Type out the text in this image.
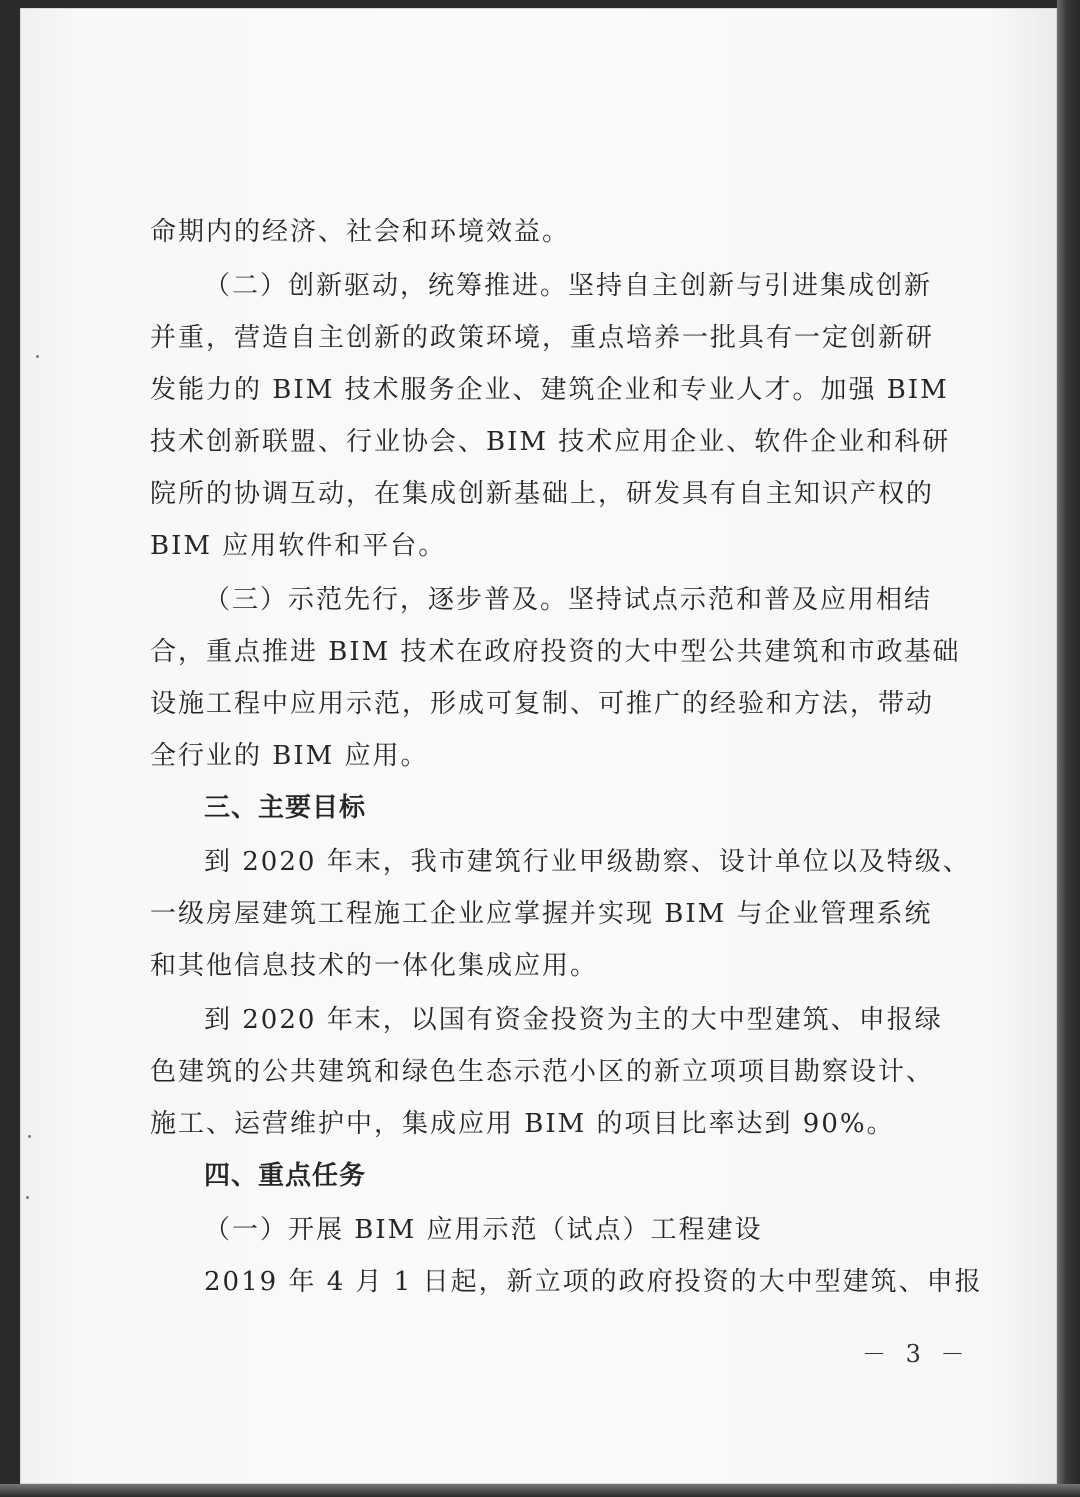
命期内的经济、社会和环境效益。
（二）创新驱动，统筹推进。坚持自主创新与引进集成创新
并重，营造自主创新的政策环境，重点培养一批具有一定创新研
发能力的 BIM 技术服务企业、建筑企业和专业人才。加强 BIM
技术创新联盟、行业协会、BIM 技术应用企业、软件企业和科研
院所的协调互动，在集成创新基础上，研发具有自主知识产权的
BIM 应用软件和平台。
（三）示范先行，逐步普及。坚持试点示范和普及应用相结
合，重点推进 BIM 技术在政府投资的大中型公共建筑和市政基础
设施工程中应用示范，形成可复制、可推广的经验和方法，带动
全行业的 BIM 应用。
三、主要目标
到 2020 年末，我市建筑行业甲级勘察、设计单位以及特级、
一级房屋建筑工程施工企业应掌握并实现 BIM 与企业管理系统
和其他信息技术的一体化集成应用。
到 2020 年末，以国有资金投资为主的大中型建筑、申报绿
色建筑的公共建筑和绿色生态示范小区的新立项项目勘察设计、
施工、运营维护中，集成应用 BIM 的项目比率达到 90%。
四、重点任务
（一）开展 BIM 应用示范（试点）工程建设
2019 年 4 月 1 日起，新立项的政府投资的大中型建筑、申报
－ 3 －
